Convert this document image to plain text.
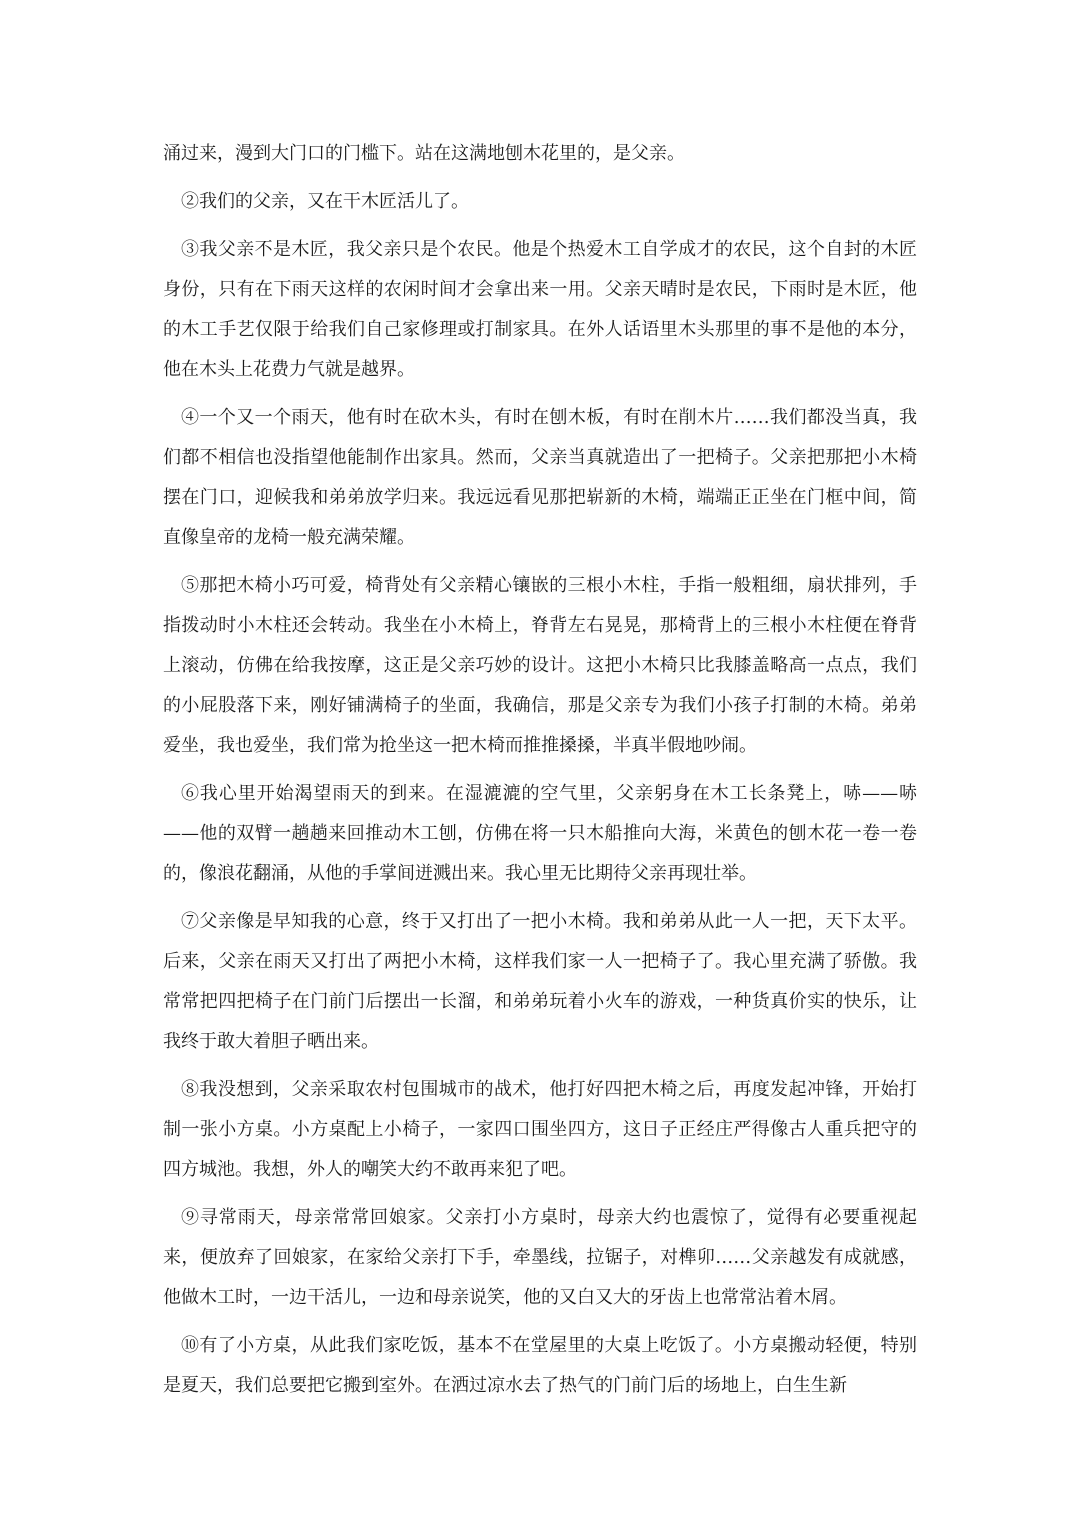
涌过来，漫到大门口的门槛下。站在这满地刨木花里的，是父亲。

②我们的父亲，又在干木匠活儿了。

③我父亲不是木匠，我父亲只是个农民。他是个热爱木工自学成才的农民，这个自封的木匠身份，只有在下雨天这样的农闲时间才会拿出来一用。父亲天晴时是农民，下雨时是木匠，他的木工手艺仅限于给我们自己家修理或打制家具。在外人话语里木头那里的事不是他的本分，他在木头上花费力气就是越界。

④一个又一个雨天，他有时在砍木头，有时在刨木板，有时在削木片……我们都没当真，我们都不相信也没指望他能制作出家具。然而，父亲当真就造出了一把椅子。父亲把那把小木椅摆在门口，迎候我和弟弟放学归来。我远远看见那把崭新的木椅，端端正正坐在门框中间，简直像皇帝的龙椅一般充满荣耀。

⑤那把木椅小巧可爱，椅背处有父亲精心镶嵌的三根小木柱，手指一般粗细，扇状排列，手指拨动时小木柱还会转动。我坐在小木椅上，脊背左右晃晃，那椅背上的三根小木柱便在脊背上滚动，仿佛在给我按摩，这正是父亲巧妙的设计。这把小木椅只比我膝盖略高一点点，我们的小屁股落下来，刚好铺满椅子的坐面，我确信，那是父亲专为我们小孩子打制的木椅。弟弟爱坐，我也爱坐，我们常为抢坐这一把木椅而推推搡搡，半真半假地吵闹。

⑥我心里开始渴望雨天的到来。在湿漉漉的空气里，父亲躬身在木工长条凳上，哧——哧——他的双臂一趟趟来回推动木工刨，仿佛在将一只木船推向大海，米黄色的刨木花一卷一卷的，像浪花翻涌，从他的手掌间迸溅出来。我心里无比期待父亲再现壮举。

⑦父亲像是早知我的心意，终于又打出了一把小木椅。我和弟弟从此一人一把，天下太平。后来，父亲在雨天又打出了两把小木椅，这样我们家一人一把椅子了。我心里充满了骄傲。我常常把四把椅子在门前门后摆出一长溜，和弟弟玩着小火车的游戏，一种货真价实的快乐，让我终于敢大着胆子晒出来。

⑧我没想到，父亲采取农村包围城市的战术，他打好四把木椅之后，再度发起冲锋，开始打制一张小方桌。小方桌配上小椅子，一家四口围坐四方，这日子正经庄严得像古人重兵把守的四方城池。我想，外人的嘲笑大约不敢再来犯了吧。

⑨寻常雨天，母亲常常回娘家。父亲打小方桌时，母亲大约也震惊了，觉得有必要重视起来，便放弃了回娘家，在家给父亲打下手，牵墨线，拉锯子，对榫卯……父亲越发有成就感，他做木工时，一边干活儿，一边和母亲说笑，他的又白又大的牙齿上也常常沾着木屑。

⑩有了小方桌，从此我们家吃饭，基本不在堂屋里的大桌上吃饭了。小方桌搬动轻便，特别是夏天，我们总要把它搬到室外。在洒过凉水去了热气的门前门后的场地上，白生生新
